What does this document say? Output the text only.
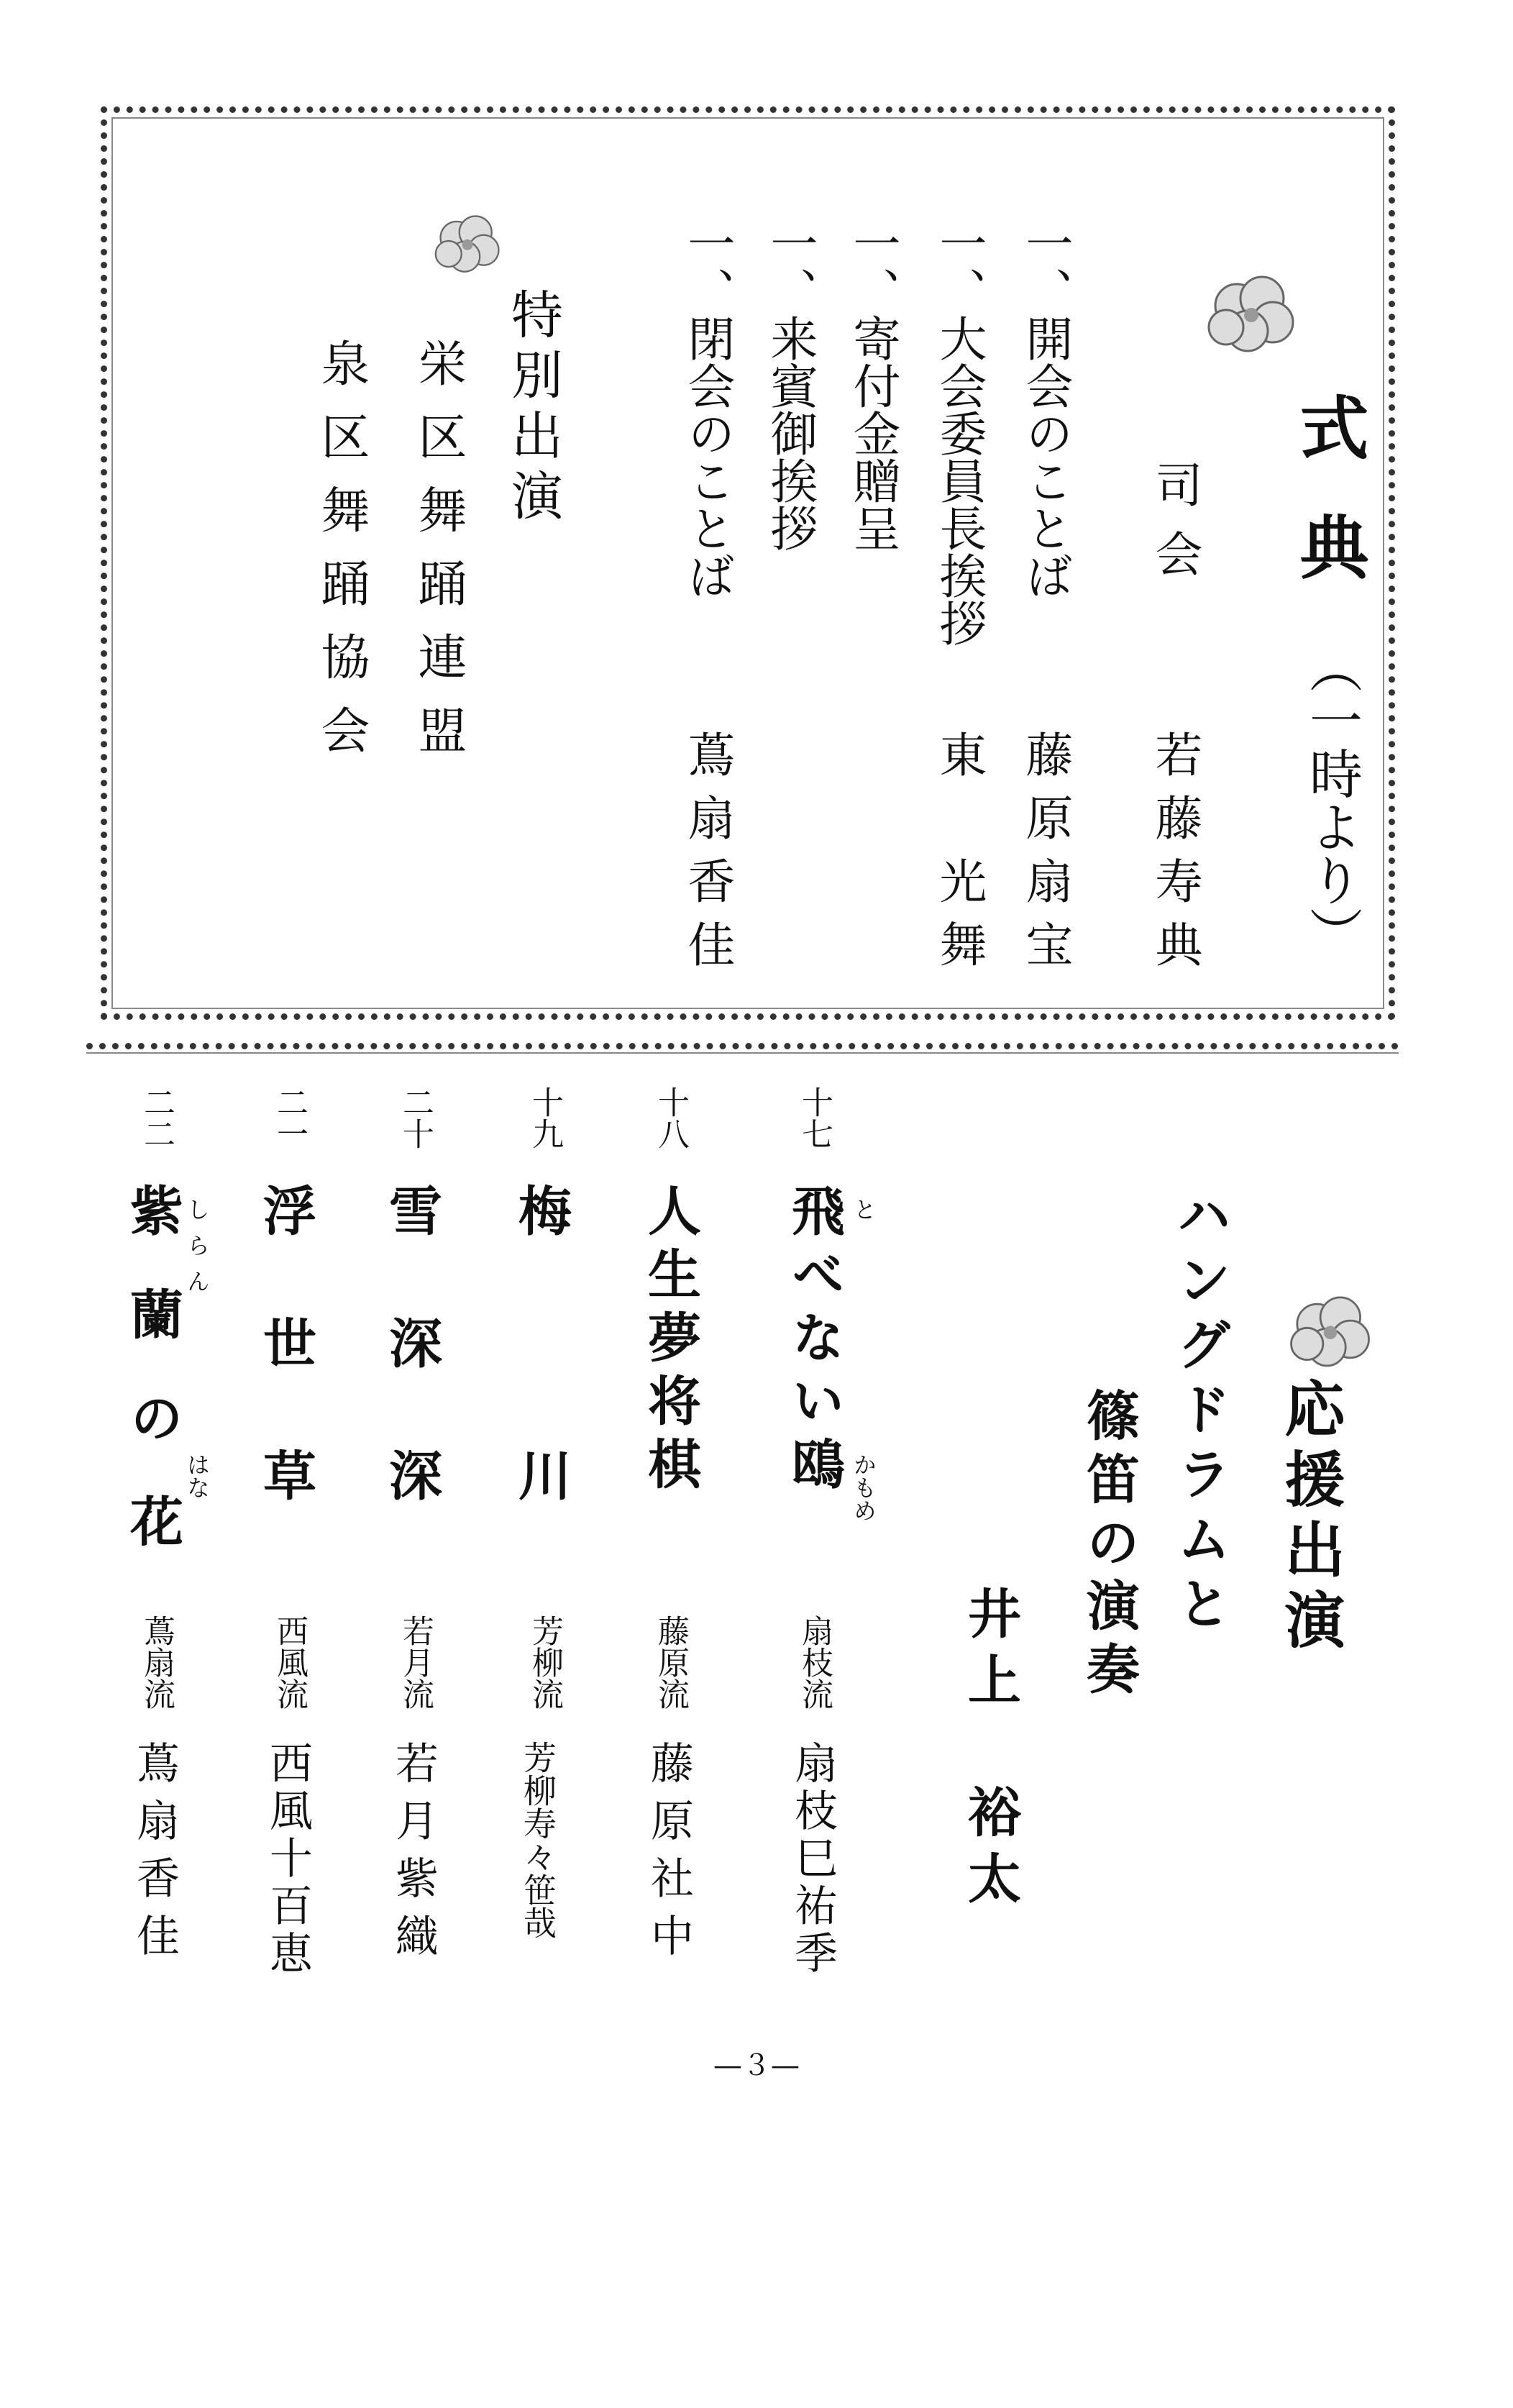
式典
（一時より）
司会
若藤寿典
一、開会のことば
藤原扇宝
一、大会委員長挨拶
一、寄付金贈呈
東　光舞
一、来賓御挨拶
一、閉会のことば
蔦扇香佳
特別出演
栄区舞踊連盟
泉区舞踊協会
応援出演
ハングドラムと
篠笛の演奏
井上　裕太
十七
飛べない鴎 と
かもめ
扇枝流
扇枝巳祐季
十八
人生夢将棋
藤原流
藤原社中
十九
梅　川
芳柳流
芳柳寿々笹哉
二十
雪深深
若月流
若月紫織
二一
浮世草
西風流
西風十百恵
二二
紫蘭の花 しらん
はな
蔦扇流
蔦扇香佳
—３—
